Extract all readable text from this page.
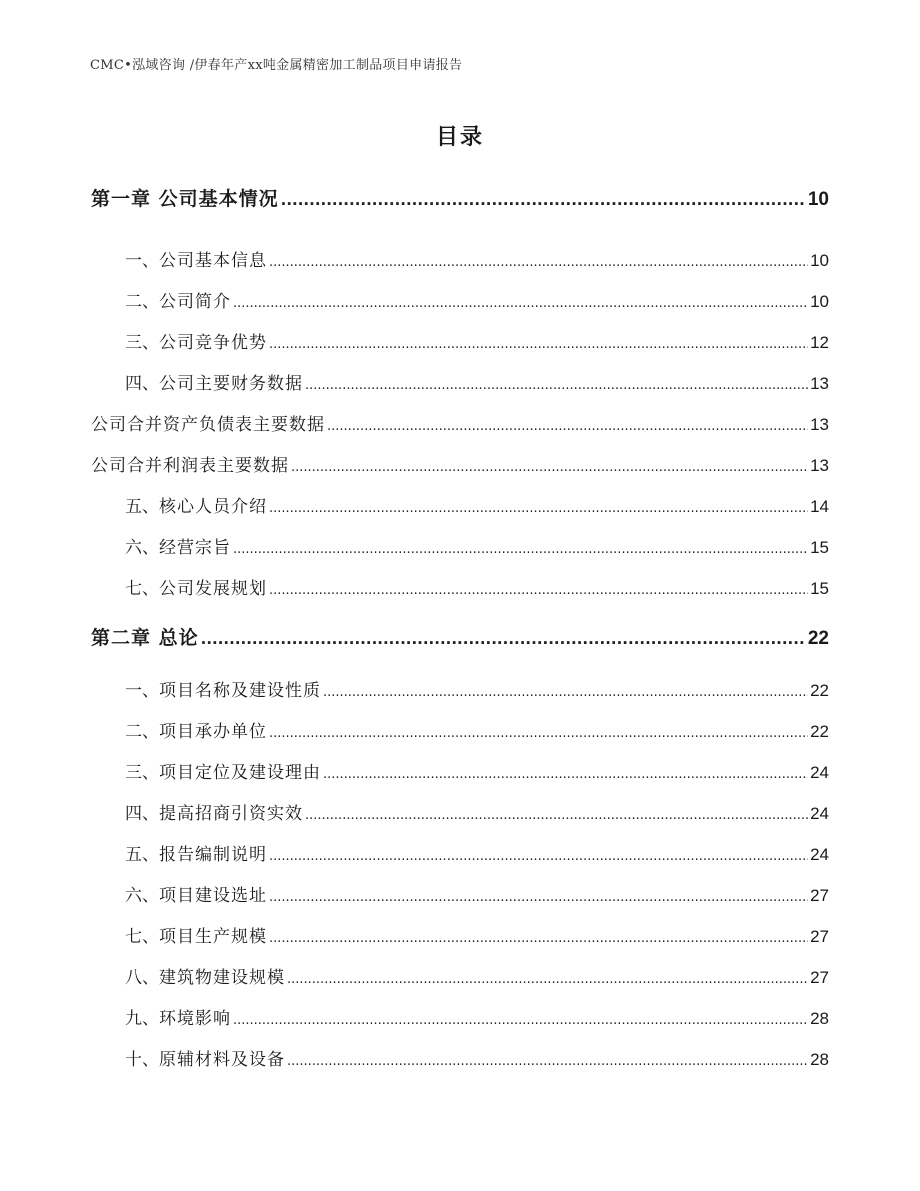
CMC•泓域咨询 /伊春年产xx吨金属精密加工制品项目申请报告
目录
第一章 公司基本情况 .....	10
一、 公司基本信息 .....	10
二、 公司简介 .....	10
三、 公司竞争优势 .....	12
四、 公司主要财务数据 .....	13
公司合并资产负债表主要数据 .....	13
公司合并利润表主要数据 .....	13
五、 核心人员介绍 .....	14
六、 经营宗旨 .....	15
七、 公司发展规划 .....	15
第二章 总论 .....	22
一、 项目名称及建设性质 .....	22
二、 项目承办单位 .....	22
三、 项目定位及建设理由 .....	24
四、 提高招商引资实效 .....	24
五、 报告编制说明 .....	24
六、 项目建设选址 .....	27
七、 项目生产规模 .....	27
八、 建筑物建设规模 .....	27
九、 环境影响 .....	28
十、 原辅材料及设备 .....	28
